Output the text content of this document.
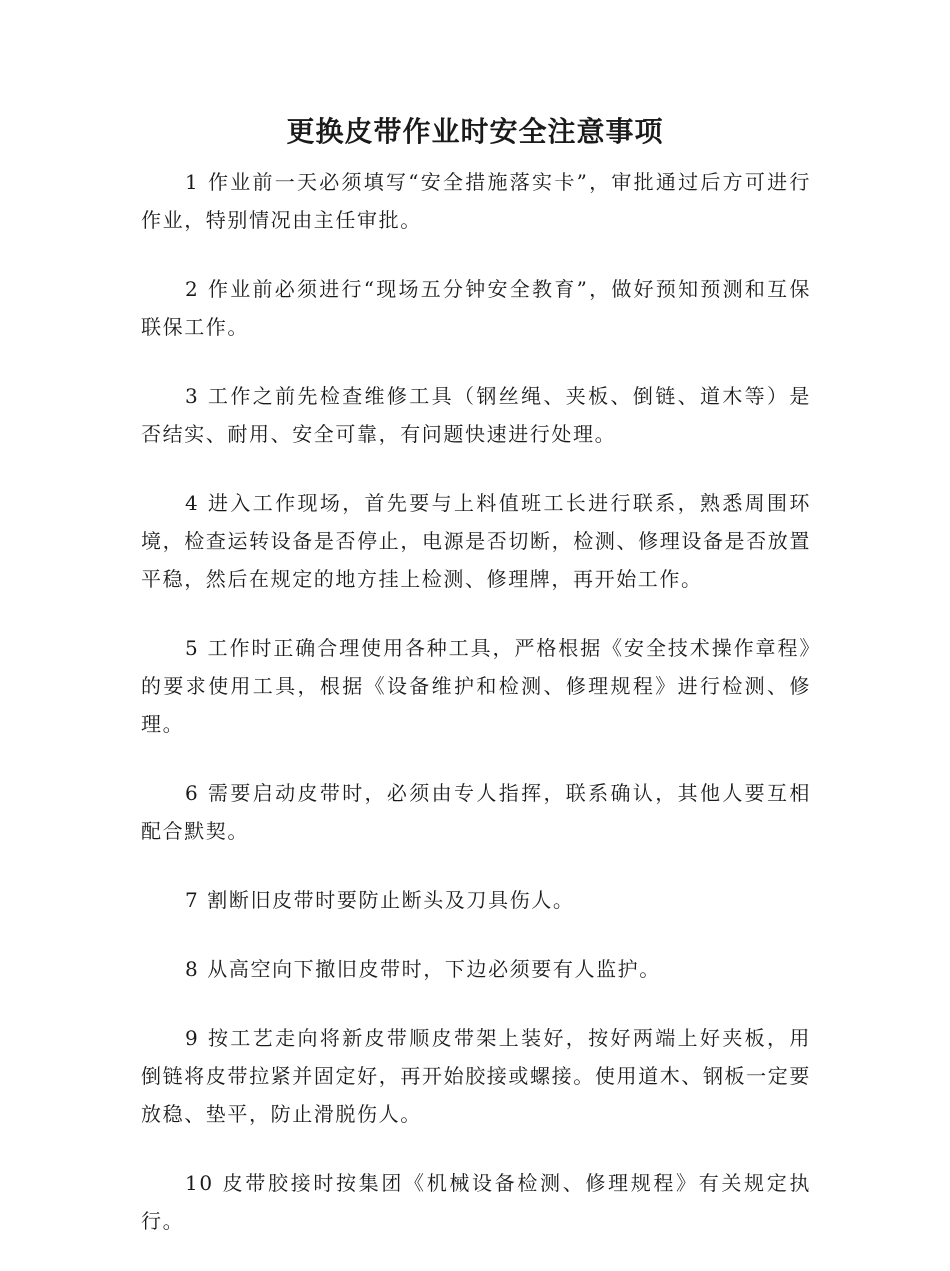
更换皮带作业时安全注意事项

1 作业前一天必须填写“安全措施落实卡”，审批通过后方可进行作业，特别情况由主任审批。

2 作业前必须进行“现场五分钟安全教育”，做好预知预测和互保联保工作。

3 工作之前先检查维修工具（钢丝绳、夹板、倒链、道木等）是否结实、耐用、安全可靠，有问题快速进行处理。

4 进入工作现场，首先要与上料值班工长进行联系，熟悉周围环境，检查运转设备是否停止，电源是否切断，检测、修理设备是否放置平稳，然后在规定的地方挂上检测、修理牌，再开始工作。

5 工作时正确合理使用各种工具，严格根据《安全技术操作章程》的要求使用工具，根据《设备维护和检测、修理规程》进行检测、修理。

6 需要启动皮带时，必须由专人指挥，联系确认，其他人要互相配合默契。

7 割断旧皮带时要防止断头及刀具伤人。

8 从高空向下撤旧皮带时，下边必须要有人监护。

9 按工艺走向将新皮带顺皮带架上装好，按好两端上好夹板，用倒链将皮带拉紧并固定好，再开始胶接或螺接。使用道木、钢板一定要放稳、垫平，防止滑脱伤人。

10 皮带胶接时按集团《机械设备检测、修理规程》有关规定执行。
